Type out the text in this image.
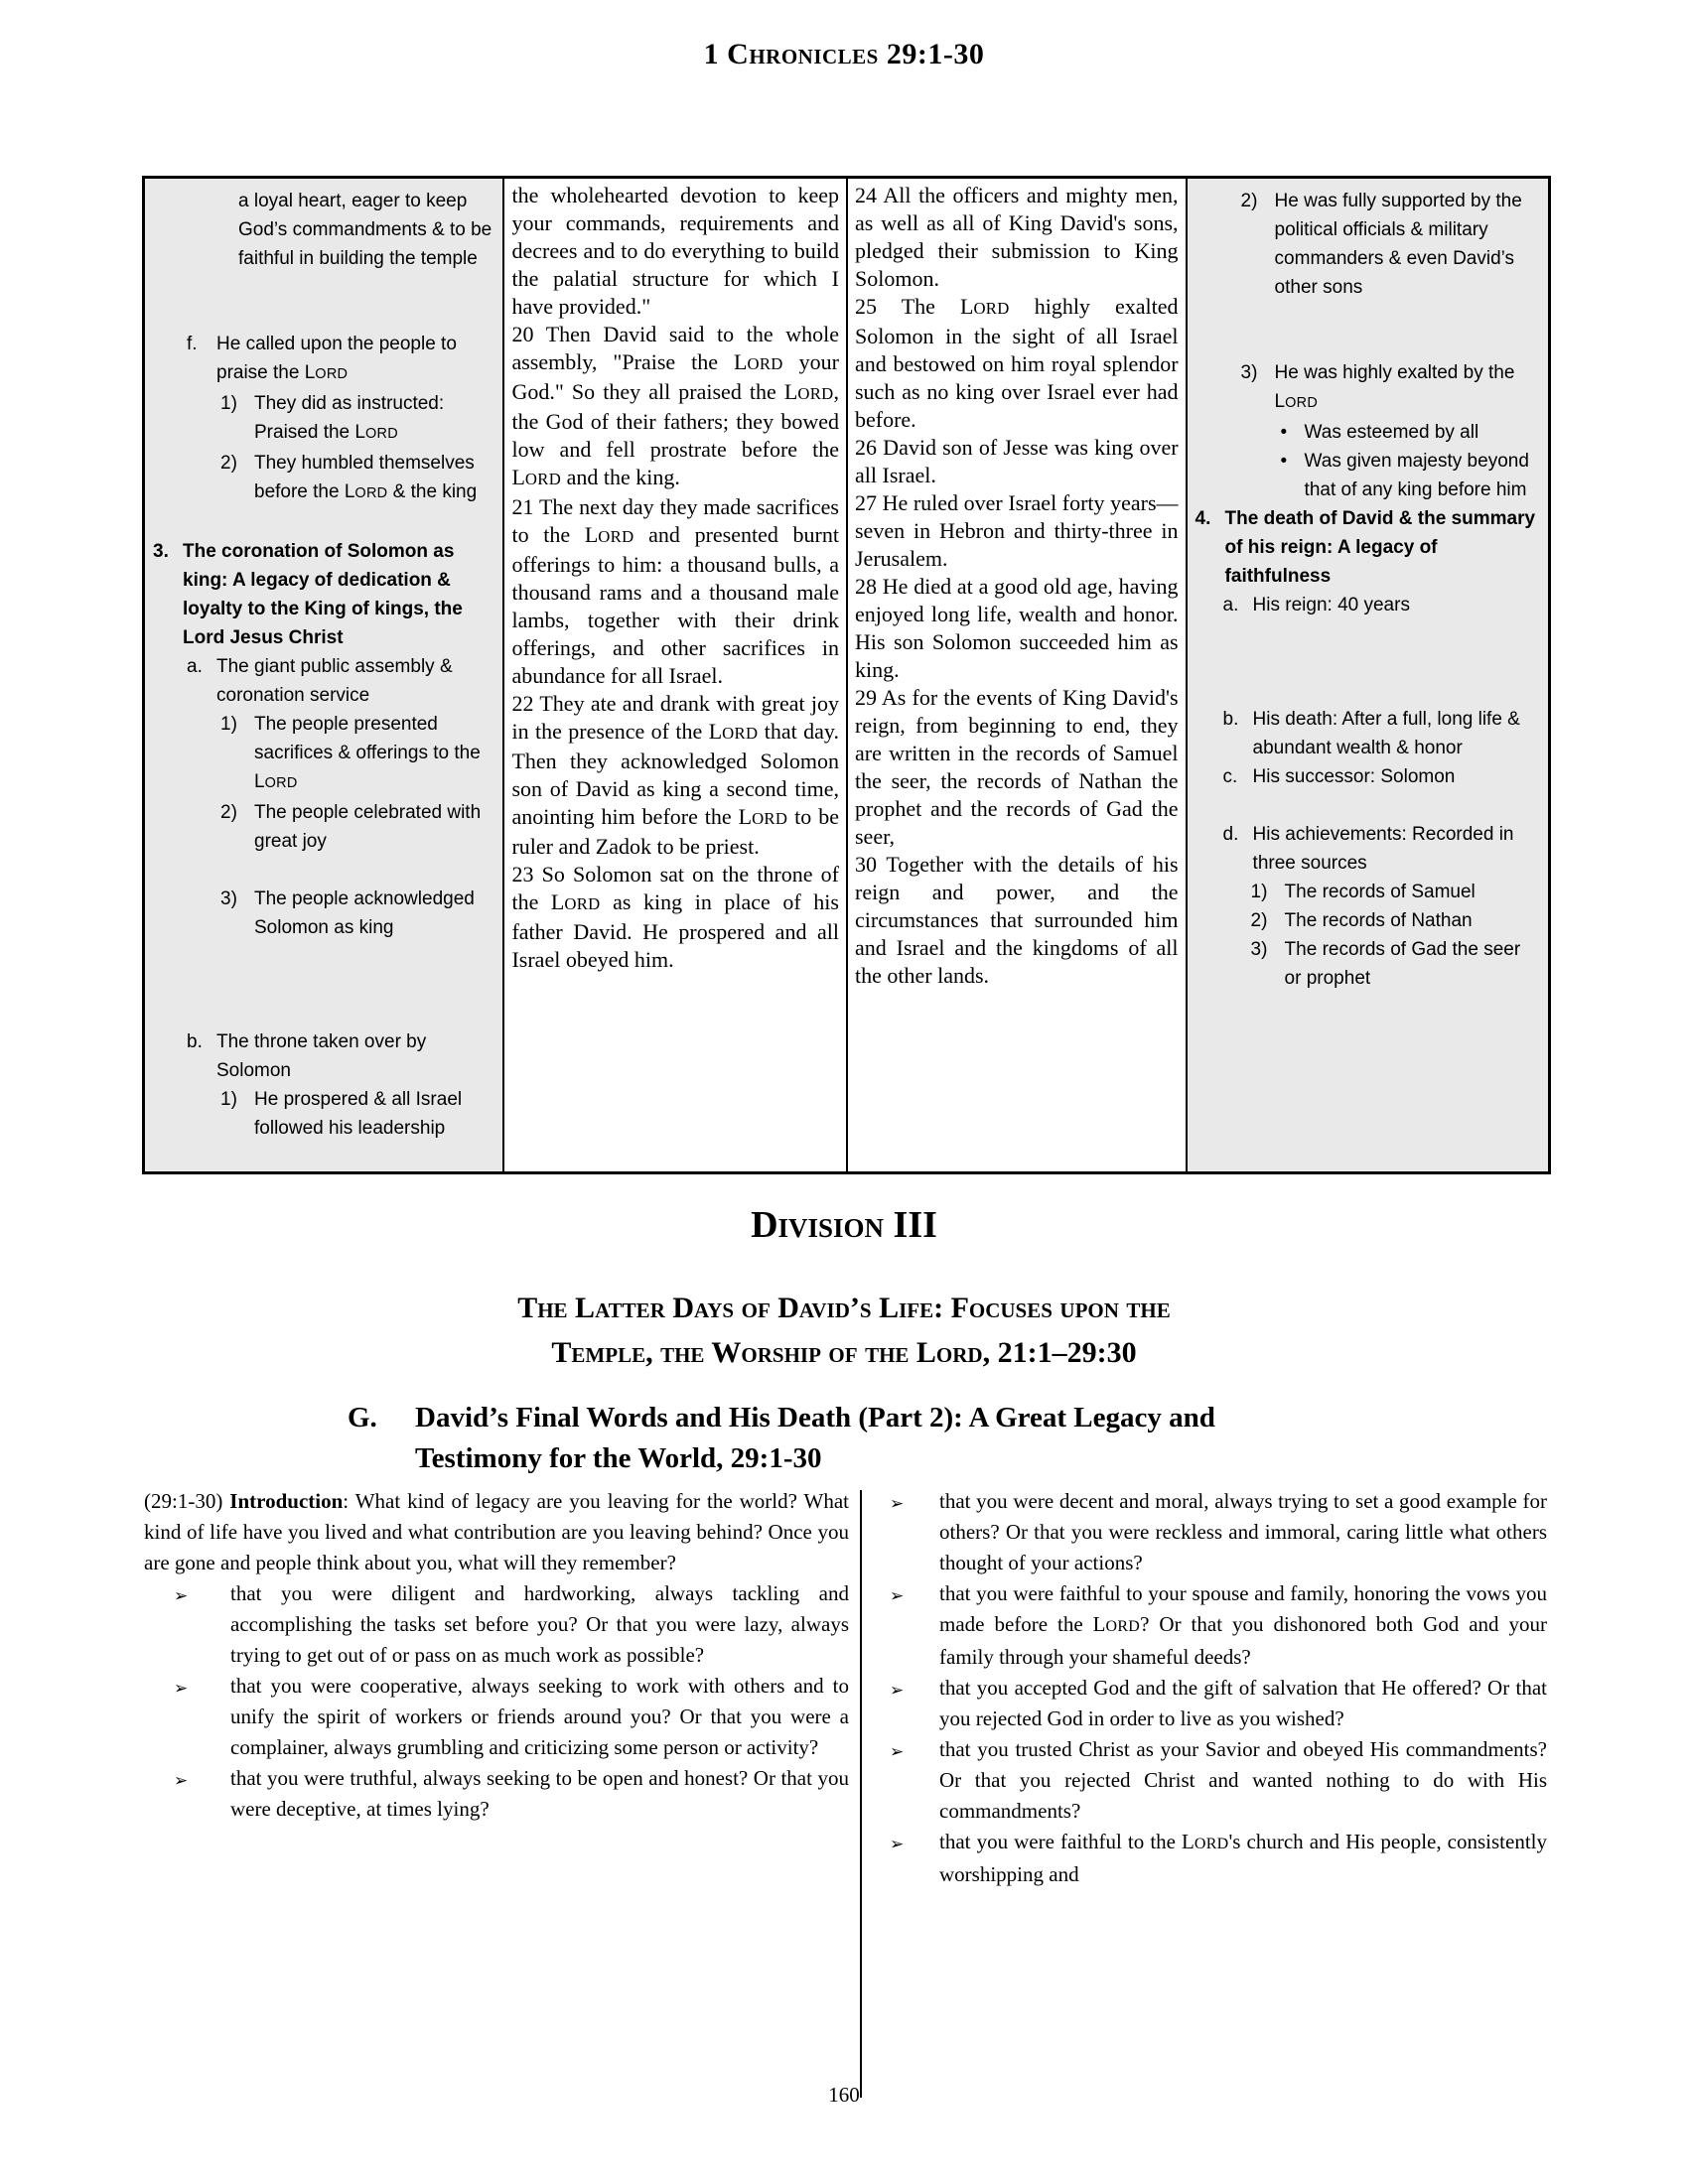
1 Chronicles 29:1-30
a loyal heart, eager to keep God’s commandments & to be faithful in building the temple
f.	He called upon the people to praise the LORD
1) They did as instructed: Praised the LORD
2) They humbled themselves before the LORD & the king
3. The coronation of Solomon as king: A legacy of dedication & loyalty to the King of kings, the Lord Jesus Christ
a. The giant public assembly & coronation service
1) The people presented sacrifices & offerings to the LORD
2) The people celebrated with great joy
3) The people acknowledged Solomon as king
b. The throne taken over by Solomon
1) He prospered & all Israel followed his leadership

the wholehearted devotion to keep your commands, requirements and decrees and to do everything to build the palatial structure for which I have provided."

20 Then David said to the whole assembly, "Praise the LORD your God." So they all praised the LORD, the God of their fathers; they bowed low and fell prostrate before the LORD and the king.

21 The next day they made sacrifices to the LORD and presented burnt offerings to him: a thousand bulls, a thousand rams and a thousand male lambs, together with their drink offerings, and other sacrifices in abundance for all Israel.

22 They ate and drank with great joy in the presence of the LORD that day. Then they acknowledged Solomon son of David as king a second time, anointing him before the LORD to be ruler and Zadok to be priest.

23 So Solomon sat on the throne of the LORD as king in place of his father David. He prospered and all Israel obeyed him.

24 All the officers and mighty men, as well as all of King David's sons, pledged their submission to King Solomon.

25 The LORD highly exalted Solomon in the sight of all Israel and bestowed on him royal splendor such as no king over Israel ever had before.

26 David son of Jesse was king over all Israel.

27 He ruled over Israel forty years—seven in Hebron and thirty-three in Jerusalem.

28 He died at a good old age, having enjoyed long life, wealth and honor. His son Solomon succeeded him as king.

29 As for the events of King David's reign, from beginning to end, they are written in the records of Samuel the seer, the records of Nathan the prophet and the records of Gad the seer,

30 Together with the details of his reign and power, and the circumstances that surrounded him and Israel and the kingdoms of all the other lands.

2) He was fully supported by the political officials & military commanders & even David’s other sons
3) He was highly exalted by the LORD
• Was esteemed by all
• Was given majesty beyond that of any king before him
4. The death of David & the summary of his reign: A legacy of faithfulness
a. His reign: 40 years
b. His death: After a full, long life & abundant wealth & honor
c. His successor: Solomon
d. His achievements: Recorded in three sources
1) The records of Samuel
2) The records of Nathan
3) The records of Gad the seer or prophet
Division III
The Latter Days of David’s Life: Focuses upon the
Temple, the Worship of the Lord, 21:1–29:30
G.	David’s Final Words and His Death (Part 2): A Great Legacy and Testimony for the World, 29:1-30

(29:1-30) Introduction: What kind of legacy are you leaving for the world? What kind of life have you lived and what contribution are you leaving behind? Once you are gone and people think about you, what will they remember?

➢	that you were diligent and hardworking, always tackling and accomplishing the tasks set before you? Or that you were lazy, always trying to get out of or pass on as much work as possible?
➢	that you were cooperative, always seeking to work with others and to unify the spirit of workers or friends around you? Or that you were a complainer, always grumbling and criticizing some person or activity?
➢	that you were truthful, always seeking to be open and honest? Or that you were deceptive, at times lying?
➢	that you were decent and moral, always trying to set a good example for others? Or that you were reckless and immoral, caring little what others thought of your actions?
➢	that you were faithful to your spouse and family, honoring the vows you made before the LORD? Or that you dishonored both God and your family through your shameful deeds?
➢	that you accepted God and the gift of salvation that He offered? Or that you rejected God in order to live as you wished?
➢	that you trusted Christ as your Savior and obeyed His commandments? Or that you rejected Christ and wanted nothing to do with His commandments?
➢	that you were faithful to the LORD's church and His people, consistently worshipping and
160
